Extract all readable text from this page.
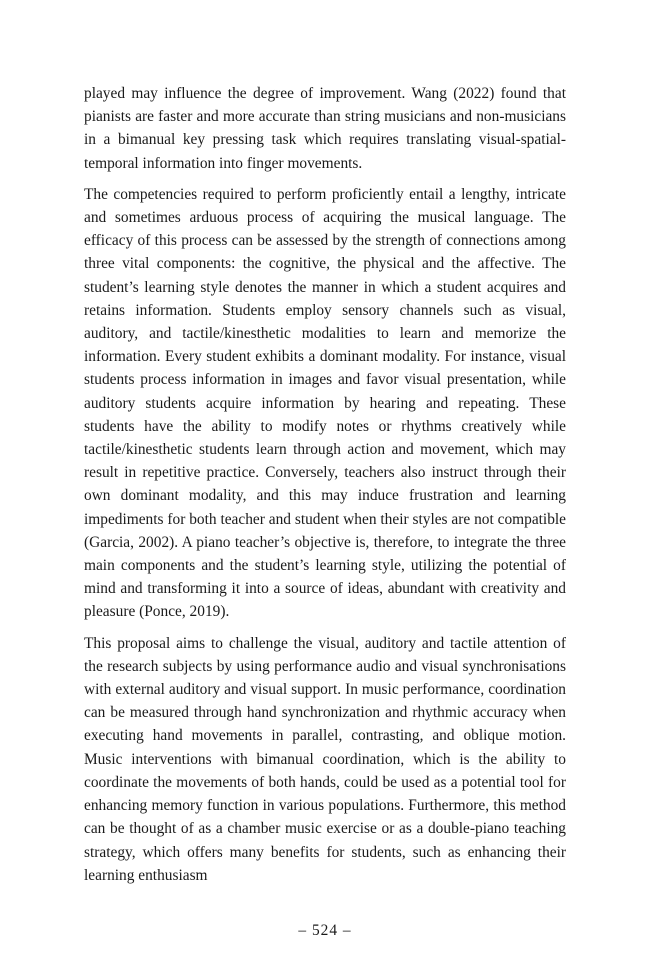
played may influence the degree of improvement. Wang (2022) found that pianists are faster and more accurate than string musicians and non-musicians in a bimanual key pressing task which requires translating visual-spatial-temporal information into finger movements.

The competencies required to perform proficiently entail a lengthy, intricate and sometimes arduous process of acquiring the musical language. The efficacy of this process can be assessed by the strength of connections among three vital components: the cognitive, the physical and the affective. The student’s learning style denotes the manner in which a student acquires and retains information. Students employ sensory channels such as visual, auditory, and tactile/kinesthetic modalities to learn and memorize the information. Every student exhibits a dominant modality. For instance, visual students process information in images and favor visual presentation, while auditory students acquire information by hearing and repeating. These students have the ability to modify notes or rhythms creatively while tactile/kinesthetic students learn through action and movement, which may result in repetitive practice. Conversely, teachers also instruct through their own dominant modality, and this may induce frustration and learning impediments for both teacher and student when their styles are not compatible (Garcia, 2002). A piano teacher’s objective is, therefore, to integrate the three main components and the student’s learning style, utilizing the potential of mind and transforming it into a source of ideas, abundant with creativity and pleasure (Ponce, 2019).

This proposal aims to challenge the visual, auditory and tactile attention of the research subjects by using performance audio and visual synchronisations with external auditory and visual support. In music performance, coordination can be measured through hand synchronization and rhythmic accuracy when executing hand movements in parallel, contrasting, and oblique motion. Music interventions with bimanual coordination, which is the ability to coordinate the movements of both hands, could be used as a potential tool for enhancing memory function in various populations. Furthermore, this method can be thought of as a chamber music exercise or as a double-piano teaching strategy, which offers many benefits for students, such as enhancing their learning enthusiasm

– 524 –
